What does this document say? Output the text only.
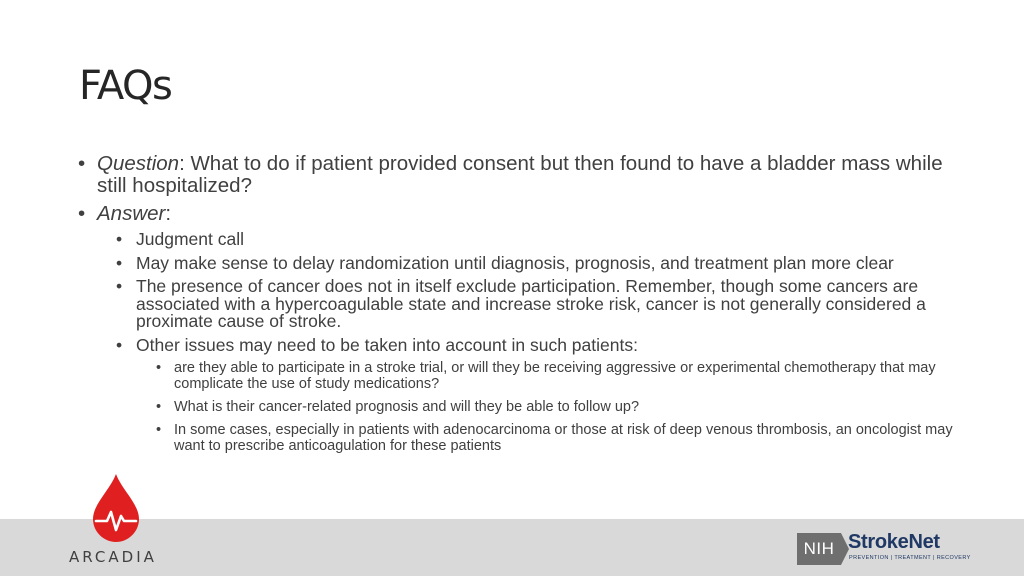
FAQs

• Question: What to do if patient provided consent but then found to have a bladder mass while still hospitalized?

• Answer:

• Judgment call

• May make sense to delay randomization until diagnosis, prognosis, and treatment plan more clear

• The presence of cancer does not in itself exclude participation. Remember, though some cancers are associated with a hypercoagulable state and increase stroke risk, cancer is not generally considered a proximate cause of stroke.

• Other issues may need to be taken into account in such patients:

• are they able to participate in a stroke trial, or will they be receiving aggressive or experimental chemotherapy that may complicate the use of study medications?

• What is their cancer-related prognosis and will they be able to follow up?

• In some cases, especially in patients with adenocarcinoma or those at risk of deep venous thrombosis, an oncologist may want to prescribe anticoagulation for these patients

ARCADIA	NIH StrokeNet
PREVENTION | TREATMENT | RECOVERY
